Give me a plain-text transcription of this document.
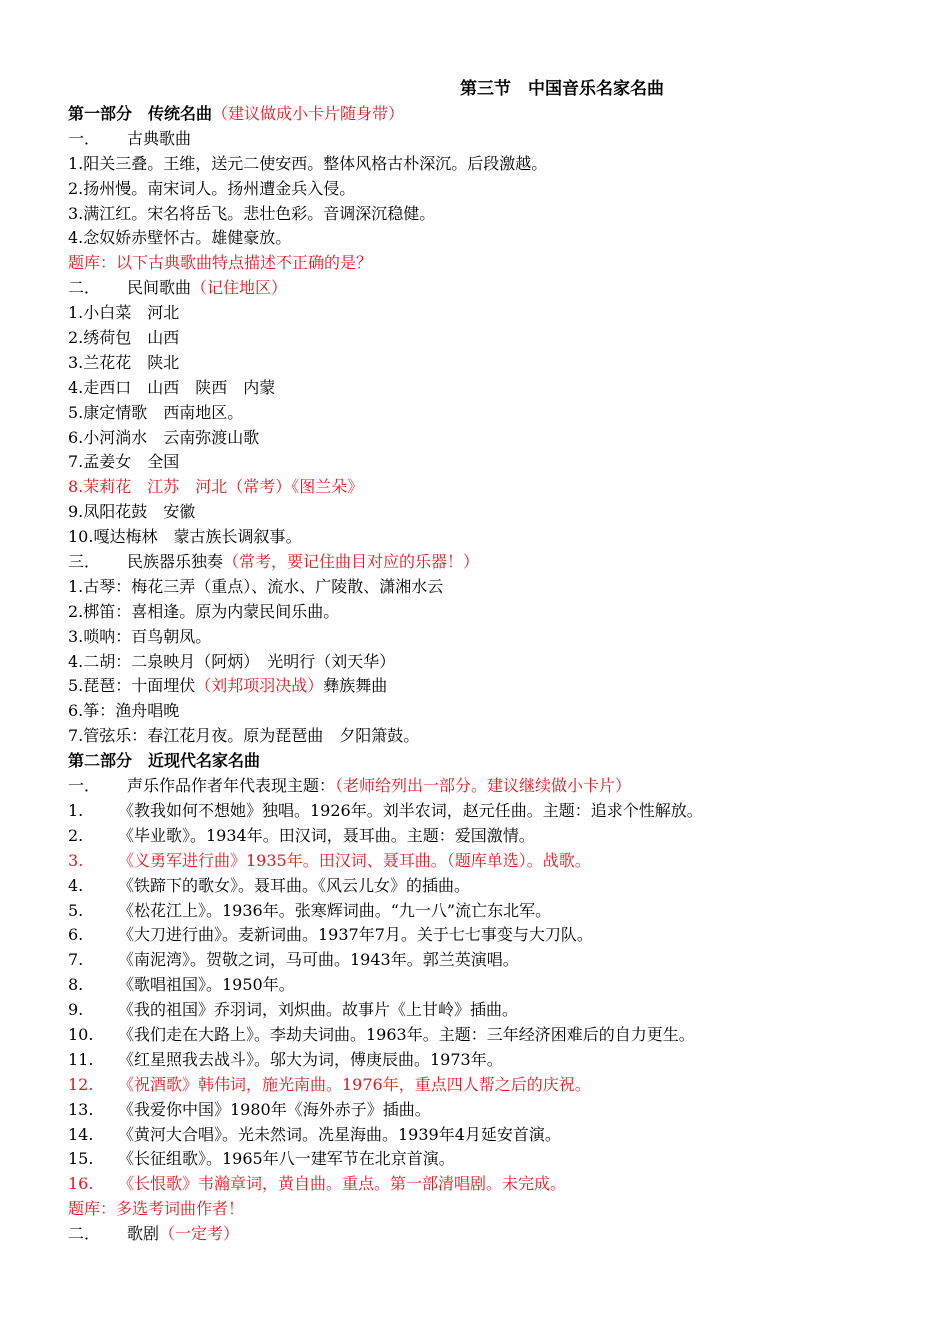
第三节　中国音乐名家名曲
第一部分　传统名曲（建议做成小卡片随身带）
一． 古典歌曲
1.阳关三叠。王维，送元二使安西。整体风格古朴深沉。后段激越。
2.扬州慢。南宋词人。扬州遭金兵入侵。
3.满江红。宋名将岳飞。悲壮色彩。音调深沉稳健。
4.念奴娇赤壁怀古。雄健豪放。
题库：以下古典歌曲特点描述不正确的是？
二． 民间歌曲（记住地区）
1.小白菜　河北
2.绣荷包　山西
3.兰花花　陕北
4.走西口　山西　陕西　内蒙
5.康定情歌　西南地区。
6.小河淌水　云南弥渡山歌
7.孟姜女　全国
8.茉莉花　江苏　河北（常考）《图兰朵》
9.凤阳花鼓　安徽
10.嘎达梅林　蒙古族长调叙事。
三． 民族器乐独奏（常考，要记住曲目对应的乐器！）
1.古琴：梅花三弄（重点）、流水、广陵散、潇湘水云
2.梆笛：喜相逢。原为内蒙民间乐曲。
3.唢呐：百鸟朝凤。
4.二胡：二泉映月（阿炳）　光明行（刘天华）
5.琵琶：十面埋伏（刘邦项羽决战）彝族舞曲
6.筝：渔舟唱晚
7.管弦乐：春江花月夜。原为琵琶曲　夕阳箫鼓。
第二部分　近现代名家名曲
一． 声乐作品作者年代表现主题：（老师给列出一部分。建议继续做小卡片）
1. 《教我如何不想她》独唱。1926年。刘半农词，赵元任曲。主题：追求个性解放。
2. 《毕业歌》。1934年。田汉词，聂耳曲。主题：爱国激情。
3. 《义勇军进行曲》1935年。田汉词、聂耳曲。（题库单选）。战歌。
4. 《铁蹄下的歌女》。聂耳曲。《风云儿女》的插曲。
5. 《松花江上》。1936年。张寒辉词曲。“九一八”流亡东北军。
6. 《大刀进行曲》。麦新词曲。1937年7月。关于七七事变与大刀队。
7. 《南泥湾》。贺敬之词，马可曲。1943年。郭兰英演唱。
8. 《歌唱祖国》。1950年。
9. 《我的祖国》乔羽词，刘炽曲。故事片《上甘岭》插曲。
10. 《我们走在大路上》。李劫夫词曲。1963年。主题：三年经济困难后的自力更生。
11. 《红星照我去战斗》。邬大为词，傅庚辰曲。1973年。
12. 《祝酒歌》韩伟词，施光南曲。1976年，重点四人帮之后的庆祝。
13. 《我爱你中国》1980年《海外赤子》插曲。
14. 《黄河大合唱》。光未然词。冼星海曲。1939年4月延安首演。
15. 《长征组歌》。1965年八一建军节在北京首演。
16. 《长恨歌》韦瀚章词，黄自曲。重点。第一部清唱剧。未完成。
题库：多选考词曲作者！
二． 歌剧（一定考）
